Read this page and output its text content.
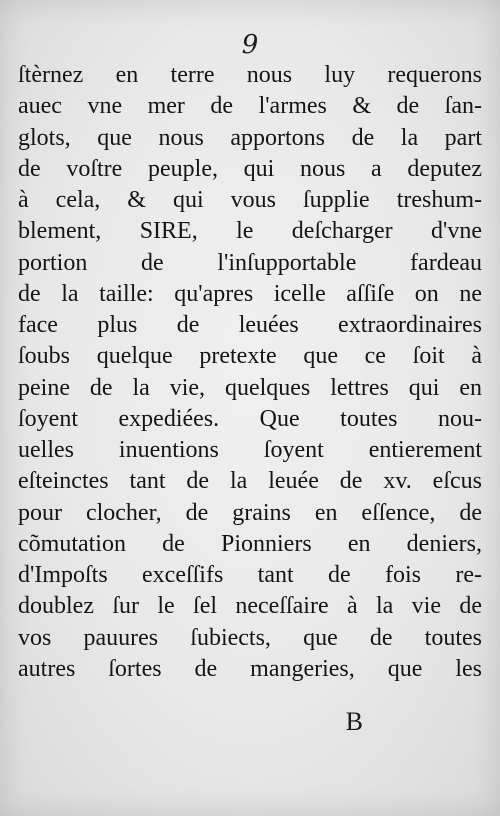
9
ſtèrnez en terre nous luy requerons
auec vne mer de l'armes & de ſan-
glots, que nous apportons de la part
de voſtre peuple, qui nous a deputez
à cela, & qui vous ſupplie treshum-
blement, SIRE, le deſcharger d'vne
portion de l'inſupportable fardeau
de la taille: qu'apres icelle aſſiſe on ne
face plus de leuées extraordinaires
ſoubs quelque pretexte que ce ſoit à
peine de la vie, quelques lettres qui en
ſoyent expediées. Que toutes nou-
uelles inuentions ſoyent entierement
eſteinctes tant de la leuée de xv. eſcus
pour clocher, de grains en eſſence, de
cõmutation de Pionniers en deniers,
d'Impoſts exceſſifs tant de fois re-
doublez ſur le ſel neceſſaire à la vie de
vos pauures ſubiects, que de toutes
autres ſortes de mangeries, que les
B
